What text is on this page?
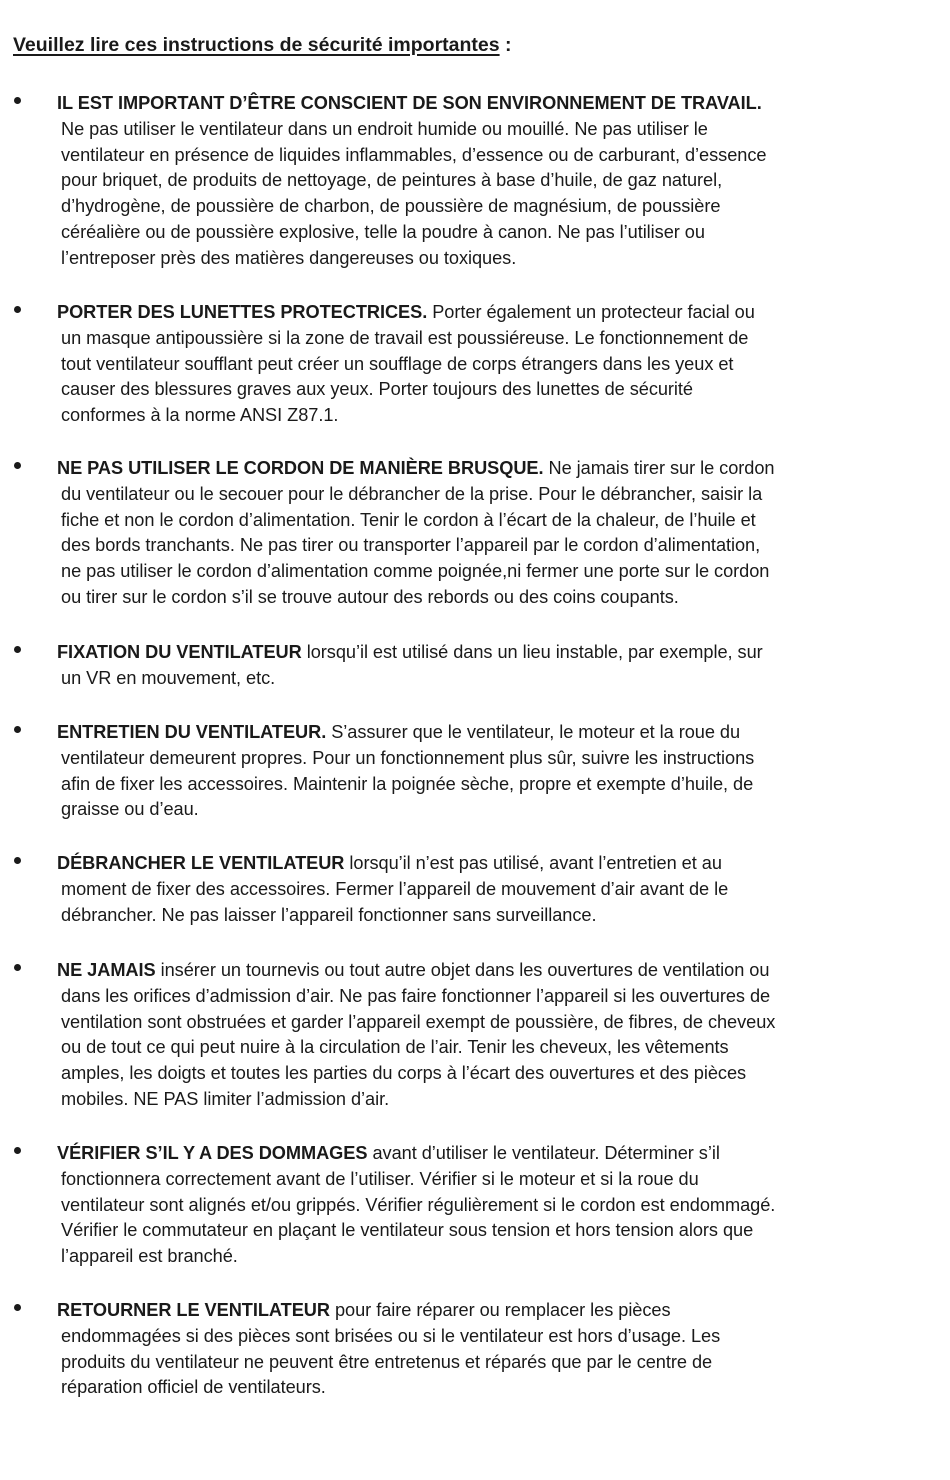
Veuillez lire ces instructions de sécurité importantes :
IL EST IMPORTANT D’ÊTRE CONSCIENT DE SON ENVIRONNEMENT DE TRAVAIL.
Ne pas utiliser le ventilateur dans un endroit humide ou mouillé. Ne pas utiliser le
ventilateur en présence de liquides inflammables, d’essence ou de carburant, d’essence
pour briquet, de produits de nettoyage, de peintures à base d’huile, de gaz naturel,
d’hydrogène, de poussière de charbon, de poussière de magnésium, de poussière
céréalière ou de poussière explosive, telle la poudre à canon. Ne pas l’utiliser ou
l’entreposer près des matières dangereuses ou toxiques.
PORTER DES LUNETTES PROTECTRICES. Porter également un protecteur facial ou
un masque antipoussière si la zone de travail est poussiéreuse. Le fonctionnement de
tout ventilateur soufflant peut créer un soufflage de corps étrangers dans les yeux et
causer des blessures graves aux yeux. Porter toujours des lunettes de sécurité
conformes à la norme ANSI Z87.1.
NE PAS UTILISER LE CORDON DE MANIÈRE BRUSQUE. Ne jamais tirer sur le cordon
du ventilateur ou le secouer pour le débrancher de la prise. Pour le débrancher, saisir la
fiche et non le cordon d’alimentation. Tenir le cordon à l’écart de la chaleur, de l’huile et
des bords tranchants. Ne pas tirer ou transporter l’appareil par le cordon d’alimentation,
ne pas utiliser le cordon d’alimentation comme poignée,ni fermer une porte sur le cordon
ou tirer sur le cordon s’il se trouve autour des rebords ou des coins coupants.
FIXATION DU VENTILATEUR lorsqu’il est utilisé dans un lieu instable, par exemple, sur
un VR en mouvement, etc.
ENTRETIEN DU VENTILATEUR. S’assurer que le ventilateur, le moteur et la roue du
ventilateur demeurent propres. Pour un fonctionnement plus sûr, suivre les instructions
afin de fixer les accessoires. Maintenir la poignée sèche, propre et exempte d’huile, de
graisse ou d’eau.
DÉBRANCHER LE VENTILATEUR lorsqu’il n’est pas utilisé, avant l’entretien et au
moment de fixer des accessoires. Fermer l’appareil de mouvement d’air avant de le
débrancher. Ne pas laisser l’appareil fonctionner sans surveillance.
NE JAMAIS insérer un tournevis ou tout autre objet dans les ouvertures de ventilation ou
dans les orifices d’admission d’air. Ne pas faire fonctionner l’appareil si les ouvertures de
ventilation sont obstruées et garder l’appareil exempt de poussière, de fibres, de cheveux
ou de tout ce qui peut nuire à la circulation de l’air. Tenir les cheveux, les vêtements
amples, les doigts et toutes les parties du corps à l’écart des ouvertures et des pièces
mobiles. NE PAS limiter l’admission d’air.
VÉRIFIER S’IL Y A DES DOMMAGES avant d’utiliser le ventilateur. Déterminer s’il
fonctionnera correctement avant de l’utiliser. Vérifier si le moteur et si la roue du
ventilateur sont alignés et/ou grippés. Vérifier régulièrement si le cordon est endommagé.
Vérifier le commutateur en plaçant le ventilateur sous tension et hors tension alors que
l’appareil est branché.
RETOURNER LE VENTILATEUR pour faire réparer ou remplacer les pièces
endommagées si des pièces sont brisées ou si le ventilateur est hors d’usage. Les
produits du ventilateur ne peuvent être entretenus et réparés que par le centre de
réparation officiel de ventilateurs.
